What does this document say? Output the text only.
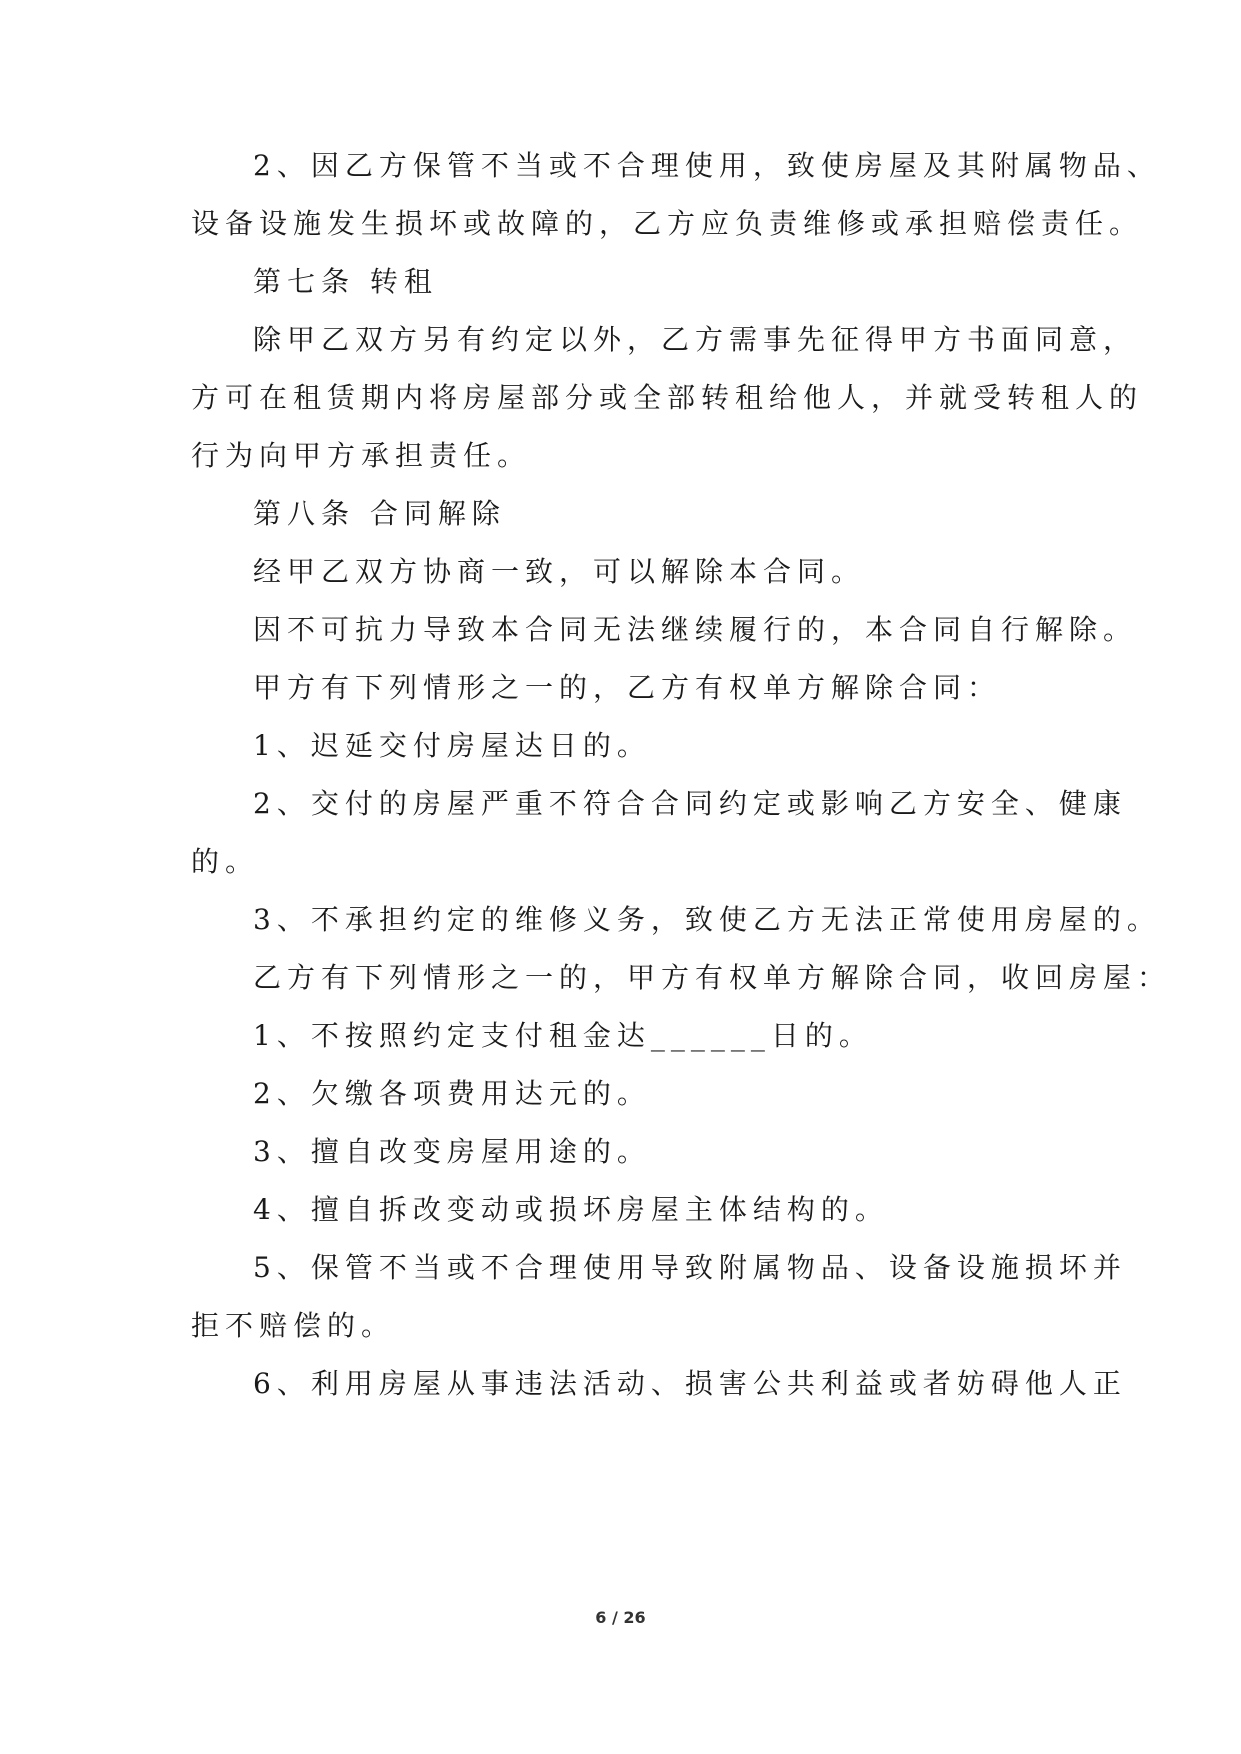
2、因乙方保管不当或不合理使用，致使房屋及其附属物品、
设备设施发生损坏或故障的，乙方应负责维修或承担赔偿责任。
第七条 转租
除甲乙双方另有约定以外，乙方需事先征得甲方书面同意，
方可在租赁期内将房屋部分或全部转租给他人，并就受转租人的
行为向甲方承担责任。
第八条 合同解除
经甲乙双方协商一致，可以解除本合同。
因不可抗力导致本合同无法继续履行的，本合同自行解除。
甲方有下列情形之一的，乙方有权单方解除合同：
1、迟延交付房屋达日的。
2、交付的房屋严重不符合合同约定或影响乙方安全、健康
的。
3、不承担约定的维修义务，致使乙方无法正常使用房屋的。
乙方有下列情形之一的，甲方有权单方解除合同，收回房屋：
1、不按照约定支付租金达______日的。
2、欠缴各项费用达元的。
3、擅自改变房屋用途的。
4、擅自拆改变动或损坏房屋主体结构的。
5、保管不当或不合理使用导致附属物品、设备设施损坏并
拒不赔偿的。
6、利用房屋从事违法活动、损害公共利益或者妨碍他人正
6 / 26
